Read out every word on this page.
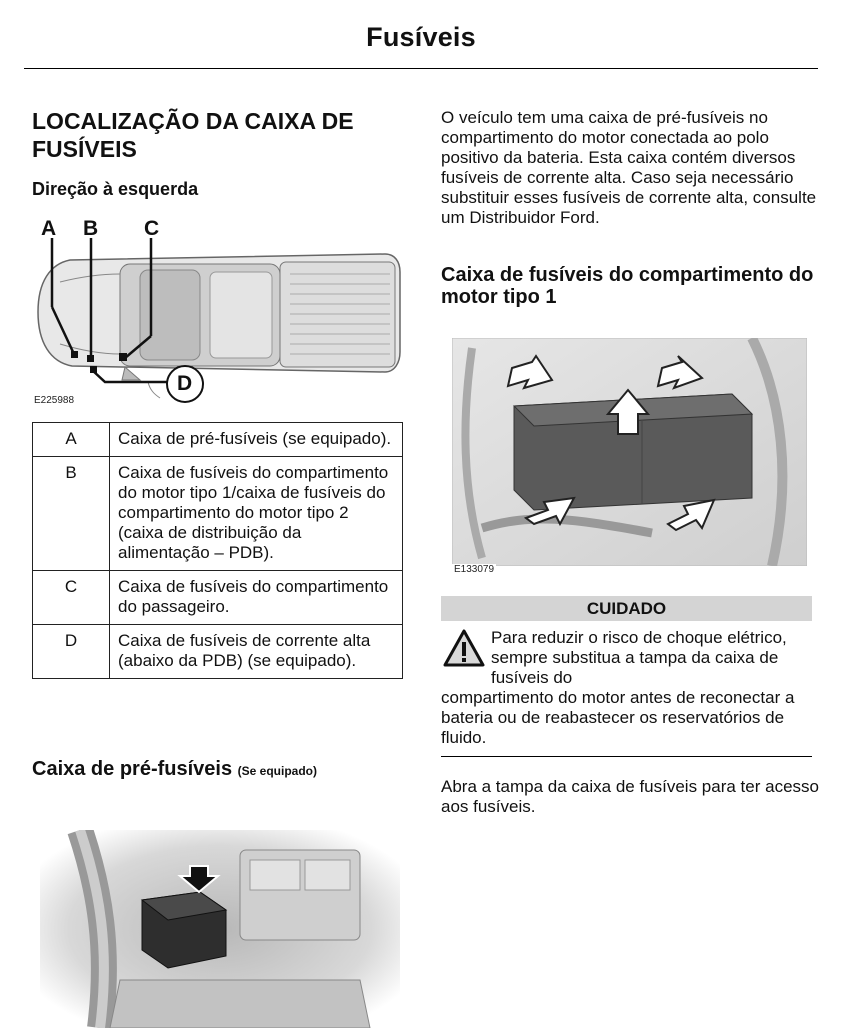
Fusíveis
LOCALIZAÇÃO DA CAIXA DE FUSÍVEIS
Direção à esquerda
A B C
D
E225988
A	Caixa de pré-fusíveis (se equipado).
B	Caixa de fusíveis do compartimento do motor tipo 1/caixa de fusíveis do compartimento do motor tipo 2 (caixa de distribuição da alimentação – PDB).
C	Caixa de fusíveis do compartimento do passageiro.
D	Caixa de fusíveis de corrente alta (abaixo da PDB) (se equipado).
Caixa de pré-fusíveis (Se equipado)
O veículo tem uma caixa de pré-fusíveis no compartimento do motor conectada ao polo positivo da bateria. Esta caixa contém diversos fusíveis de corrente alta. Caso seja necessário substituir esses fusíveis de corrente alta, consulte um Distribuidor Ford.
Caixa de fusíveis do compartimento do motor tipo 1
E133079
CUIDADO
Para reduzir o risco de choque elétrico, sempre substitua a tampa da caixa de fusíveis do
compartimento do motor antes de reconectar a bateria ou de reabastecer os reservatórios de fluido.
Abra a tampa da caixa de fusíveis para ter acesso aos fusíveis.
